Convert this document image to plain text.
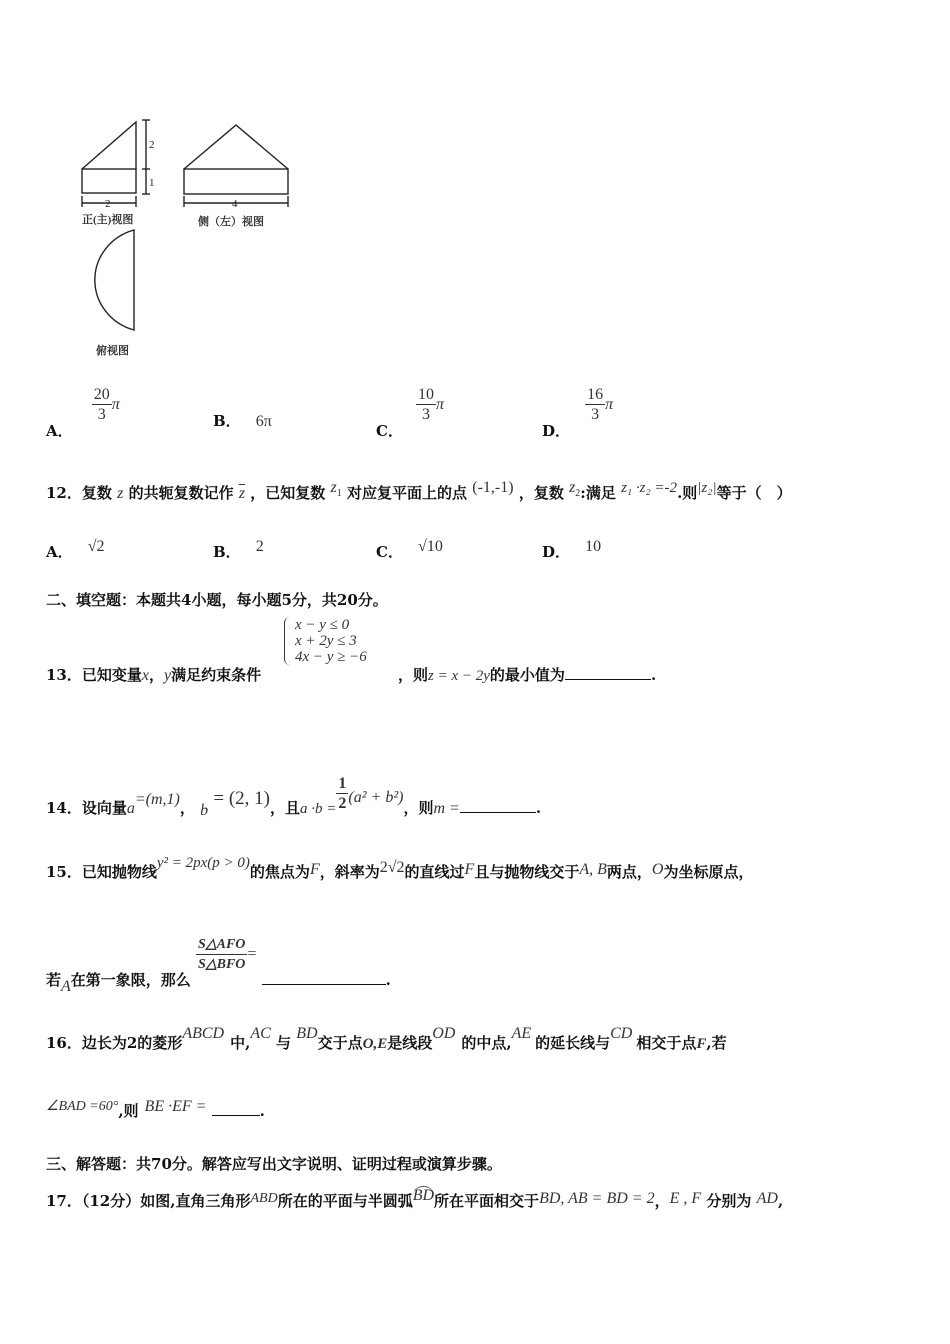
2
1
2
正(主)视图
4
侧（左）视图
俯视图
A．
$\frac{20}{3}$ π
B． 6π
C．
$\frac{10}{3}$ π
D．
$\frac{16}{3}$ π
12．复数 z 的共轭复数记作 $\overline{z}$ ，已知复数 $z_1$ 对应复平面上的点 (-1,-1) ，复数 $z_2$:满足 z₁ ·z₂ =-2.则|z₂|等于（　）
A． √2	B． 2	C． √10	D． 10
二、填空题：本题共4小题，每小题5分，共20分。
x − y ≤ 0
x + 2y ≤ 3
4x − y ≥ −6
13．已知变量x，y满足约束条件	，则z = x − 2y的最小值为	.
14．设向量a=(m,1)， b = (2, 1)，且$a \cdot b = \frac{1}{2} (a^2 + b^2)$，则m =	.
15．已知抛物线y² = 2px(p > 0)的焦点为F，斜率为2√2的直线过F且与抛物线交于A, B两点，O为坐标原点，
若A在第一象限，那么
$\frac{\text{S△AFO}}{\text{S△BFO}}$ = .
16．边长为2的菱形ABCD中,AC 与 BD交于点O,E是线段OD的中点,AE的延长线与CD相交于点F,若
∠BAD =60°,则 BE ·EF =	.
三、解答题：共70分。解答应写出文字说明、证明过程或演算步骤。
17．（12分）如图,直角三角形ABD所在的平面与半圆弧BD所在平面相交于BD, AB = BD = 2，E , F 分别为 AD,
